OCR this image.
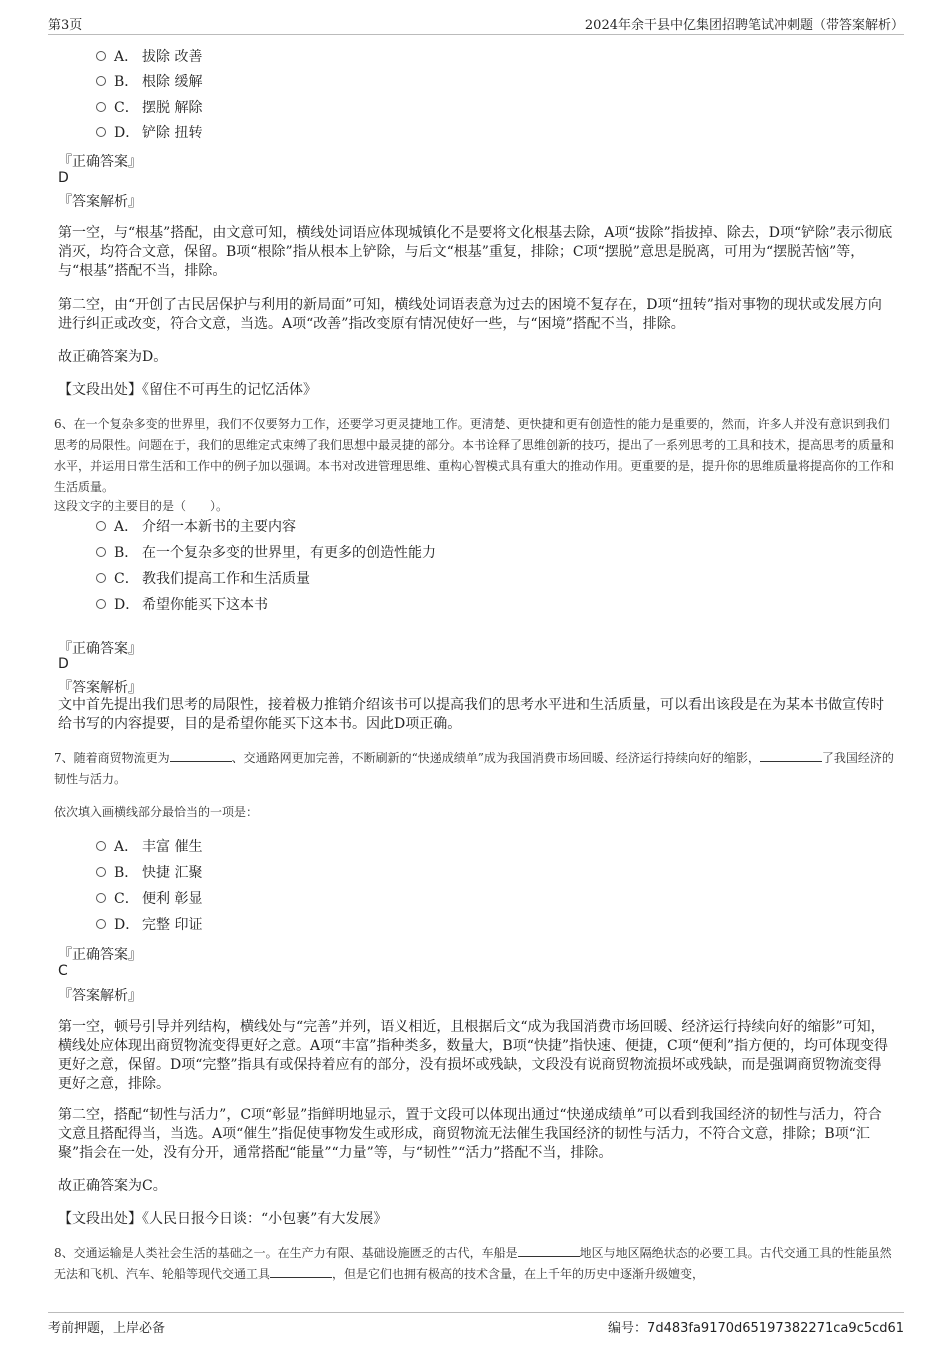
第3页	2024年余干县中亿集团招聘笔试冲刺题（带答案解析）
A． 拔除 改善
B． 根除 缓解
C． 摆脱 解除
D． 铲除 扭转
『正确答案』
D
『答案解析』
第一空，与“根基”搭配，由文意可知，横线处词语应体现城镇化不是要将文化根基去除，A项“拔除”指拔掉、除去，D项“铲除”表示彻底消灭，均符合文意，保留。B项“根除”指从根本上铲除，与后文“根基”重复，排除；C项“摆脱”意思是脱离，可用为“摆脱苦恼”等，与“根基”搭配不当，排除。
第二空，由“开创了古民居保护与利用的新局面”可知，横线处词语表意为过去的困境不复存在，D项“扭转”指对事物的现状或发展方向进行纠正或改变，符合文意，当选。A项“改善”指改变原有情况使好一些，与“困境”搭配不当，排除。
故正确答案为D。
【文段出处】《留住不可再生的记忆活体》
6、在一个复杂多变的世界里，我们不仅要努力工作，还要学习更灵捷地工作。更清楚、更快捷和更有创造性的能力是重要的，然而，许多人并没有意识到我们思考的局限性。问题在于，我们的思维定式束缚了我们思想中最灵捷的部分。本书诠释了思维创新的技巧，提出了一系列思考的工具和技术，提高思考的质量和水平，并运用日常生活和工作中的例子加以强调。本书对改进管理思维、重构心智模式具有重大的推动作用。更重要的是，提升你的思维质量将提高你的工作和生活质量。
这段文字的主要目的是（　　）。
A． 介绍一本新书的主要内容
B． 在一个复杂多变的世界里，有更多的创造性能力
C． 教我们提高工作和生活质量
D． 希望你能买下这本书
『正确答案』
D
『答案解析』
文中首先提出我们思考的局限性，接着极力推销介绍该书可以提高我们的思考水平进和生活质量，可以看出该段是在为某本书做宣传时给书写的内容提要，目的是希望你能买下这本书。因此D项正确。
7、随着商贸物流更为	、交通路网更加完善，不断刷新的“快递成绩单”成为我国消费市场回暖、经济运行持续向好的缩影，	了我国经济的韧性与活力。
依次填入画横线部分最恰当的一项是：
A． 丰富 催生
B． 快捷 汇聚
C． 便利 彰显
D． 完整 印证
『正确答案』
C
『答案解析』
第一空，顿号引导并列结构，横线处与“完善”并列，语义相近，且根据后文“成为我国消费市场回暖、经济运行持续向好的缩影”可知，横线处应体现出商贸物流变得更好之意。A项“丰富”指种类多，数量大，B项“快捷”指快速、便捷，C项“便利”指方便的，均可体现变得更好之意，保留。D项“完整”指具有或保持着应有的部分，没有损坏或残缺，文段没有说商贸物流损坏或残缺，而是强调商贸物流变得更好之意，排除。
第二空，搭配“韧性与活力”，C项“彰显”指鲜明地显示，置于文段可以体现出通过“快递成绩单”可以看到我国经济的韧性与活力，符合文意且搭配得当，当选。A项“催生”指促使事物发生或形成，商贸物流无法催生我国经济的韧性与活力，不符合文意，排除；B项“汇聚”指会在一处，没有分开，通常搭配“能量”“力量”等，与“韧性”“活力”搭配不当，排除。
故正确答案为C。
【文段出处】《人民日报今日谈：“小包裹”有大发展》
8、交通运输是人类社会生活的基础之一。在生产力有限、基础设施匮乏的古代，车船是	地区与地区隔绝状态的必要工具。古代交通工具的性能虽然无法和飞机、汽车、轮船等现代交通工具	，但是它们也拥有极高的技术含量，在上千年的历史中逐渐升级嬗变，
考前押题，上岸必备	编号：7d483fa9170d65197382271ca9c5cd61
